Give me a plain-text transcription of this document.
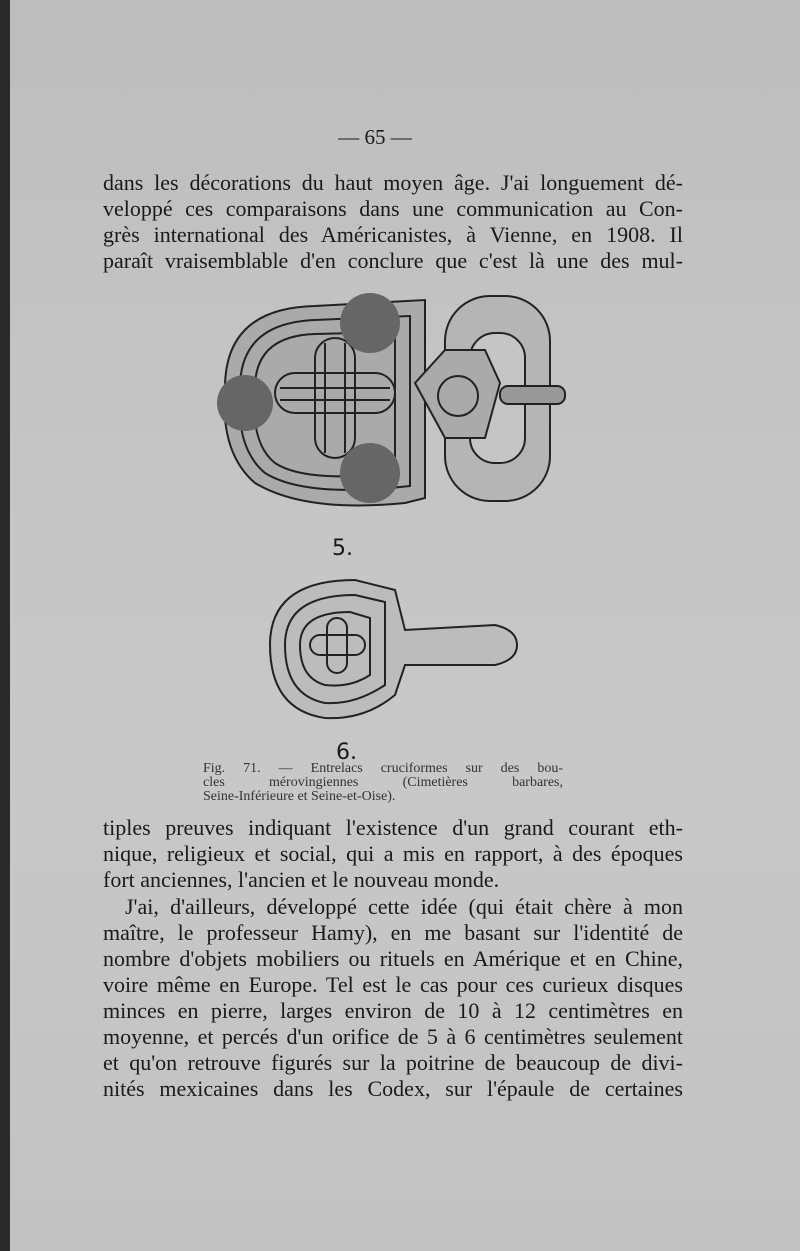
— 65 —

dans les décorations du haut moyen âge. J'ai longuement dé-
veloppé ces comparaisons dans une communication au Con-
grès international des Américanistes, à Vienne, en 1908. Il
paraît vraisemblable d'en conclure que c'est là une des mul-

5.
6.
Fig. 71. — Entrelacs cruciformes sur des bou-
cles mérovingiennes (Cimetières barbares,
Seine-Inférieure et Seine-et-Oise).

tiples preuves indiquant l'existence d'un grand courant eth-
nique, religieux et social, qui a mis en rapport, à des époques
fort anciennes, l'ancien et le nouveau monde.

J'ai, d'ailleurs, développé cette idée (qui était chère à mon
maître, le professeur Hamy), en me basant sur l'identité de
nombre d'objets mobiliers ou rituels en Amérique et en Chine,
voire même en Europe. Tel est le cas pour ces curieux disques
minces en pierre, larges environ de 10 à 12 centimètres en
moyenne, et percés d'un orifice de 5 à 6 centimètres seulement
et qu'on retrouve figurés sur la poitrine de beaucoup de divi-
nités mexicaines dans les Codex, sur l'épaule de certaines
